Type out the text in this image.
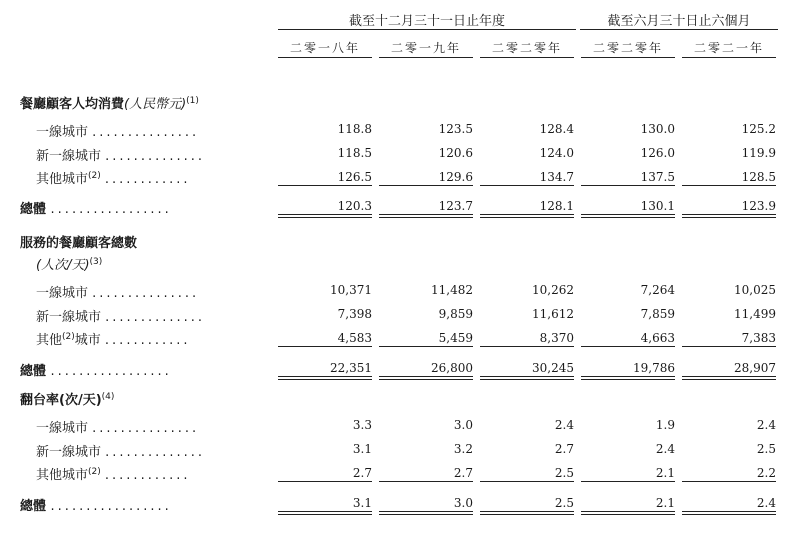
截至十二月三十一日止年度	截至六月三十日止六個月
二零一八年	二零一九年	二零二零年	二零二零年	二零二一年
餐廳顧客人均消費(人民幣元)$^{(1)}$
一線城市 ...............	118.8	123.5	128.4	130.0	125.2
新一線城市 ..............	118.5	120.6	124.0	126.0	119.9
其他城市$^{(2)}$ ............	126.5	129.6	134.7	137.5	128.5
總體 .................	120.3	123.7	128.1	130.1	123.9
服務的餐廳顧客總數
(人次/天)$^{(3)}$
一線城市 ...............	10,371	11,482	10,262	7,264	10,025
新一線城市 ..............	7,398	9,859	11,612	7,859	11,499
其他$^{(2)}$城市 ............	4,583	5,459	8,370	4,663	7,383
總體 .................	22,351	26,800	30,245	19,786	28,907
翻台率(次/天)$^{(4)}$
一線城市 ...............	3.3	3.0	2.4	1.9	2.4
新一線城市 ..............	3.1	3.2	2.7	2.4	2.5
其他城市$^{(2)}$ ............	2.7	2.7	2.5	2.1	2.2
總體 .................	3.1	3.0	2.5	2.1	2.4
